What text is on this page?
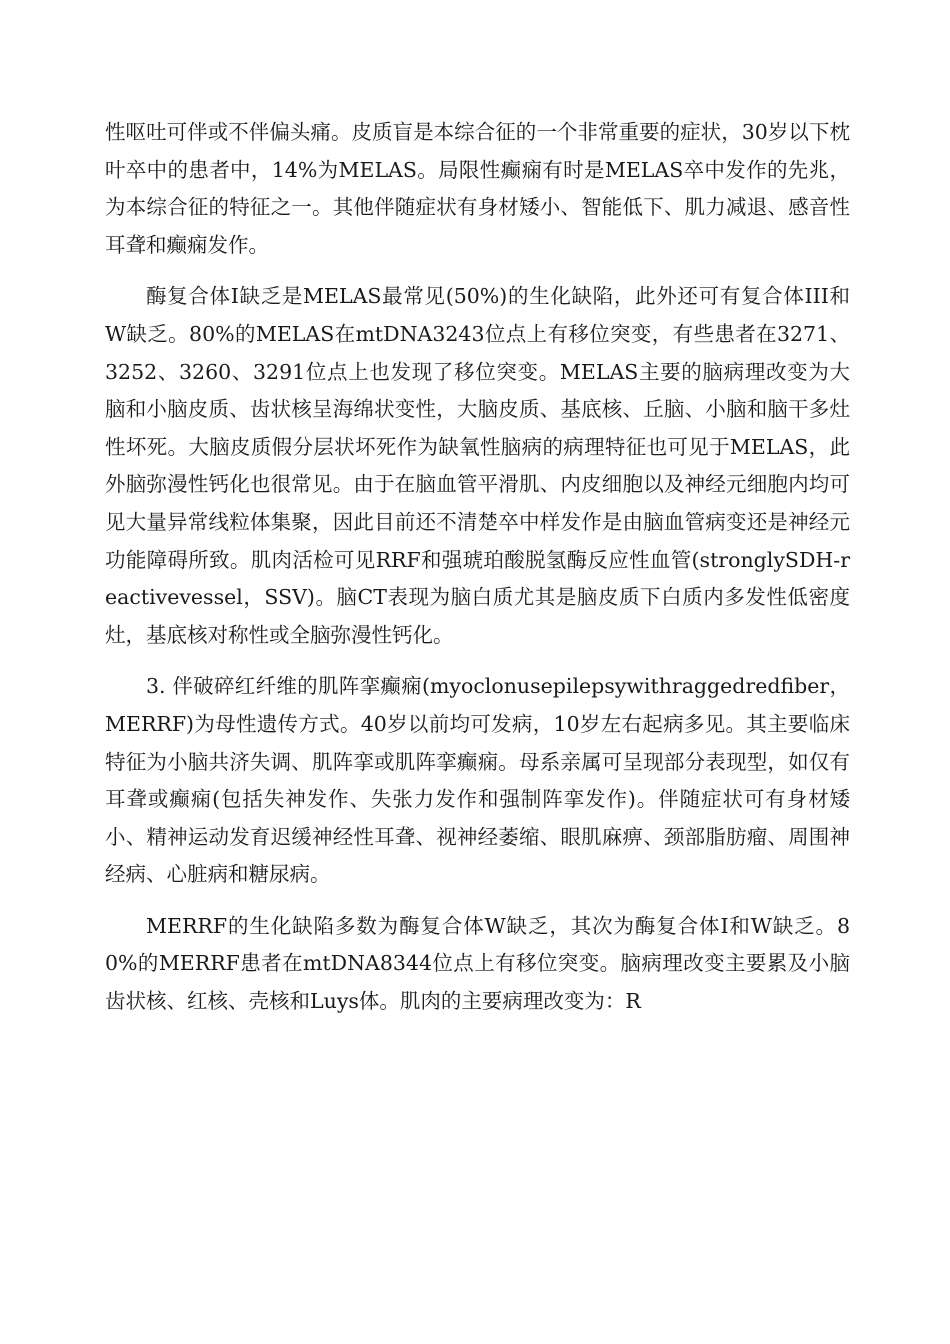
性呕吐可伴或不伴偏头痛。皮质盲是本综合征的一个非常重要的症状，30岁以下枕叶卒中的患者中，14%为MELAS。局限性癫痫有时是MELAS卒中发作的先兆，为本综合征的特征之一。其他伴随症状有身材矮小、智能低下、肌力减退、感音性耳聋和癫痫发作。

酶复合体I缺乏是MELAS最常见(50%)的生化缺陷，此外还可有复合体III和W缺乏。80%的MELAS在mtDNA3243位点上有移位突变，有些患者在3271、3252、3260、3291位点上也发现了移位突变。MELAS主要的脑病理改变为大脑和小脑皮质、齿状核呈海绵状变性，大脑皮质、基底核、丘脑、小脑和脑干多灶性坏死。大脑皮质假分层状坏死作为缺氧性脑病的病理特征也可见于MELAS，此外脑弥漫性钙化也很常见。由于在脑血管平滑肌、内皮细胞以及神经元细胞内均可见大量异常线粒体集聚，因此目前还不清楚卒中样发作是由脑血管病变还是神经元功能障碍所致。肌肉活检可见RRF和强琥珀酸脱氢酶反应性血管(stronglySDH-reactivevessel，SSV)。脑CT表现为脑白质尤其是脑皮质下白质内多发性低密度灶，基底核对称性或全脑弥漫性钙化。

3. 伴破碎红纤维的肌阵挛癫痫(myoclonusepilepsywithraggedredfiber，MERRF)为母性遗传方式。40岁以前均可发病，10岁左右起病多见。其主要临床特征为小脑共济失调、肌阵挛或肌阵挛癫痫。母系亲属可呈现部分表现型，如仅有耳聋或癫痫(包括失神发作、失张力发作和强制阵挛发作)。伴随症状可有身材矮小、精神运动发育迟缓神经性耳聋、视神经萎缩、眼肌麻痹、颈部脂肪瘤、周围神经病、心脏病和糖尿病。

MERRF的生化缺陷多数为酶复合体W缺乏，其次为酶复合体I和W缺乏。80%的MERRF患者在mtDNA8344位点上有移位突变。脑病理改变主要累及小脑齿状核、红核、壳核和Luys体。肌肉的主要病理改变为：R
